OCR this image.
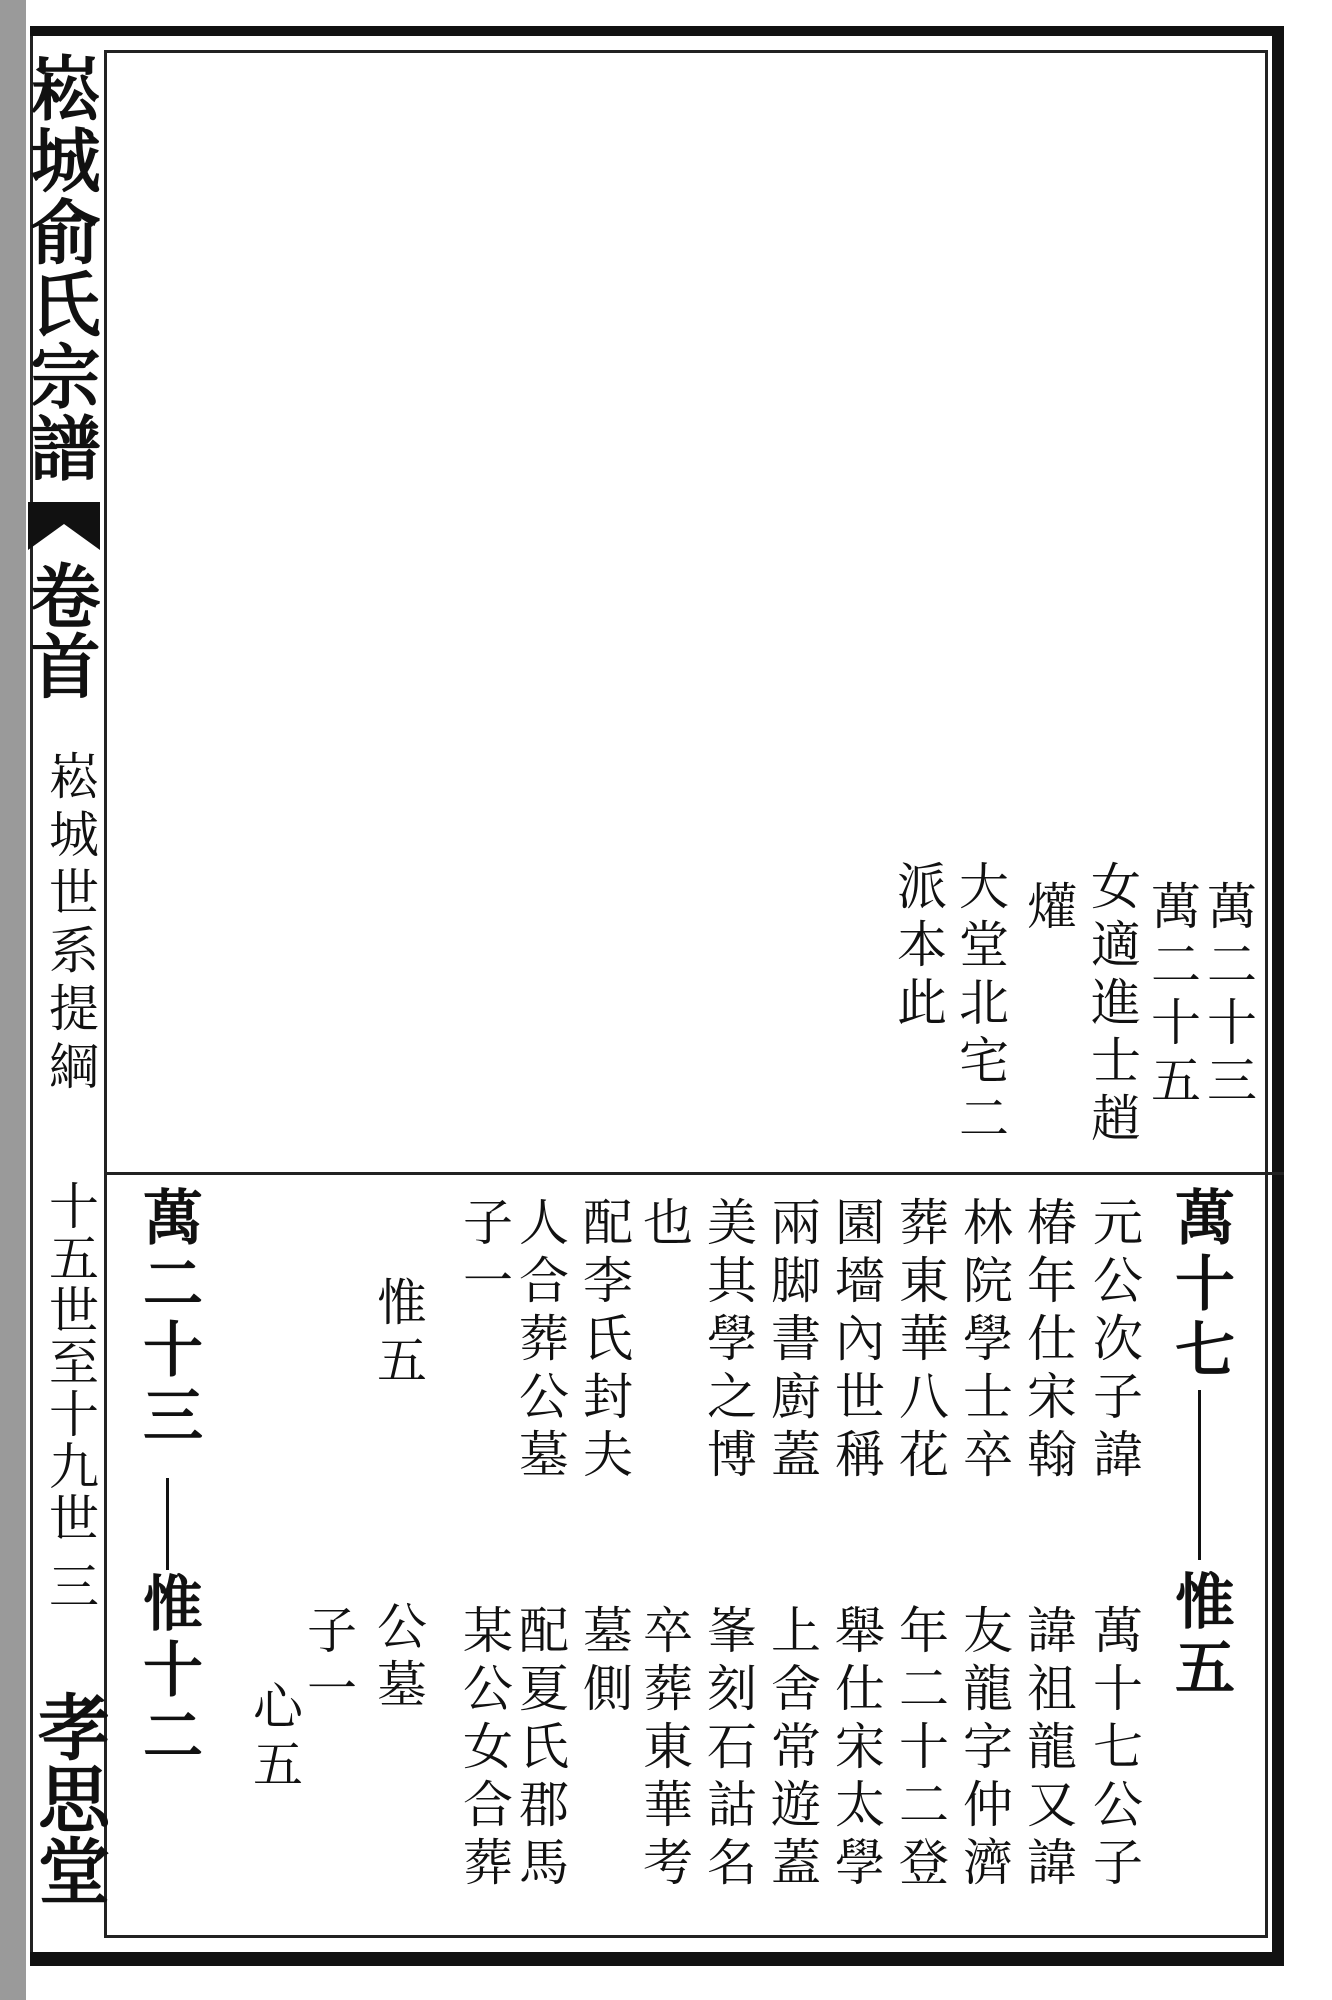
崧城俞氏宗譜
卷首
崧城世系提綱
十五世至十九世
三
孝思堂
萬二十三
萬二十五
女適進士趙
爟
大堂北宅二
派本此
萬十七
惟五
萬十七公子
諱祖龍又諱
友龍字仲濟
年二十二登
舉仕宋太學
上舍常遊蓋
峯刻石詁名
卒葬東華考
某公女合葬
配夏氏郡馬 墓側
元公次子諱
椿年仕宋翰
林院學士卒
葬東華八花
園墻內世稱
兩脚書廚蓋
美其學之博
也
配李氏封夫
人合葬公墓
子一
惟五
公墓
子一
心五
萬二十三
惟十二
